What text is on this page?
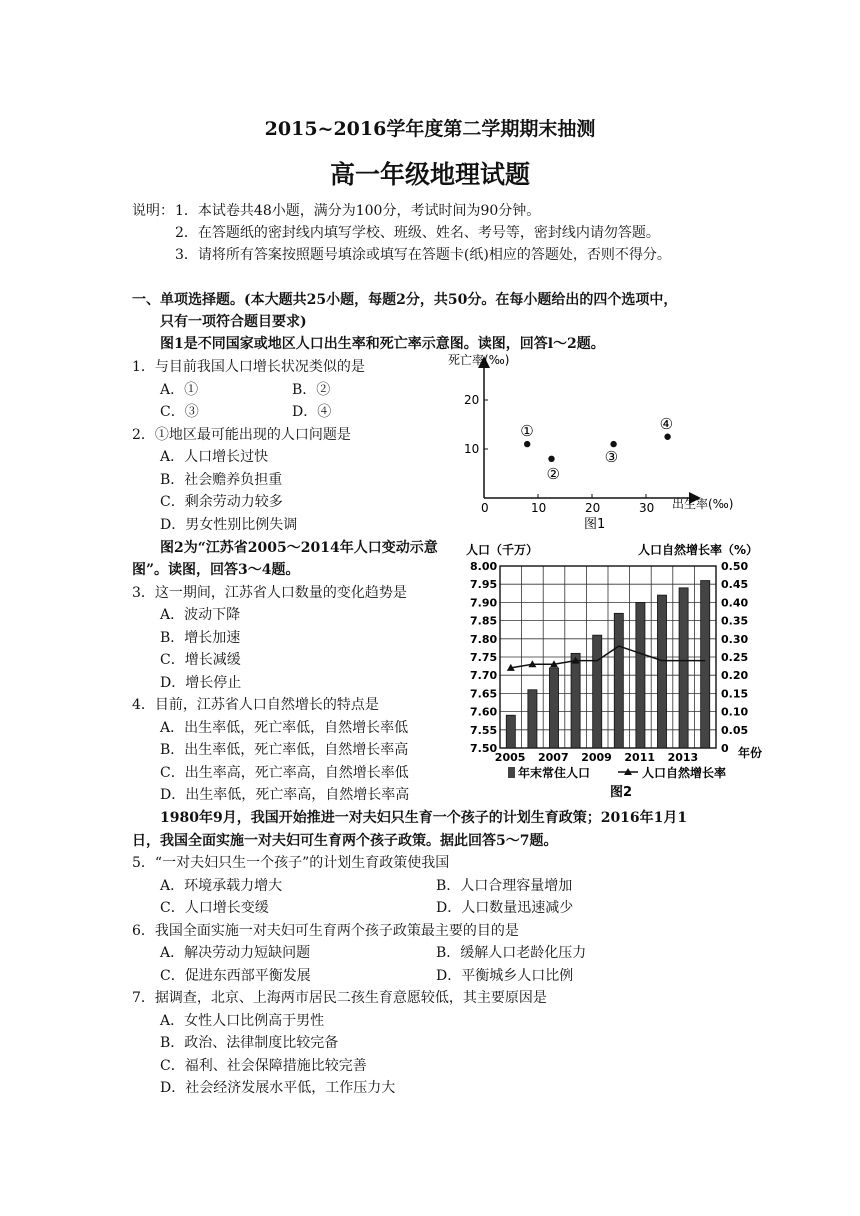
2015~2016学年度第二学期期末抽测
高一年级地理试题
说明： 1．本试卷共48小题，满分为100分，考试时间为90分钟。
2．在答题纸的密封线内填写学校、班级、姓名、考号等，密封线内请勿答题。
3．请将所有答案按照题号填涂或填写在答题卡(纸)相应的答题处，否则不得分。
一、单项选择题。(本大题共25小题，每题2分，共50分。在每小题给出的四个选项中，
只有一项符合题目要求)
图1是不同国家或地区人口出生率和死亡率示意图。读图，回答l～2题。
1．与目前我国人口增长状况类似的是
A．①	B．②
C．③	D．④
2．①地区最可能出现的人口问题是
A．人口增长过快
B．社会赡养负担重
C．剩余劳动力较多
D．男女性别比例失调
图2为“江苏省2005～2014年人口变动示意
图”。读图，回答3～4题。
3．这一期间，江苏省人口数量的变化趋势是
A．波动下降
B．增长加速
C．增长减缓
D．增长停止
4．目前，江苏省人口自然增长的特点是
A．出生率低，死亡率低，自然增长率低
B．出生率低，死亡率低，自然增长率高
C．出生率高，死亡率高，自然增长率低
D．出生率低，死亡率高，自然增长率高
1980年9月，我国开始推进一对夫妇只生育一个孩子的计划生育政策；2016年1月1
日，我国全面实施一对夫妇可生育两个孩子政策。据此回答5～7题。
5．“一对夫妇只生一个孩子”的计划生育政策使我国
A．环境承载力增大	B．人口合理容量增加
C．人口增长变缓	D．人口数量迅速减少
6．我国全面实施一对夫妇可生育两个孩子政策最主要的目的是
A．解决劳动力短缺问题	B．缓解人口老龄化压力
C．促进东西部平衡发展	D．平衡城乡人口比例
7．据调查，北京、上海两市居民二孩生育意愿较低，其主要原因是
A．女性人口比例高于男性
B．政治、法律制度比较完备
C．福利、社会保障措施比较完善
D．社会经济发展水平低，工作压力大
死亡率(‰)
出生率(‰)
图1
0	10	20	30
10
20
①
②
③
④
人口（千万）	人口自然增长率（%）
年份
图2
7.50
7.55
7.60
7.65
7.70
7.75
7.80
7.85
7.90
7.95
8.00	0.50
0.45
0.40
0.35
0.30
0.25
0.20
0.15
0.10
0.05
0
2005 2007 2009 2011 2013
年末常住人口	人口自然增长率
